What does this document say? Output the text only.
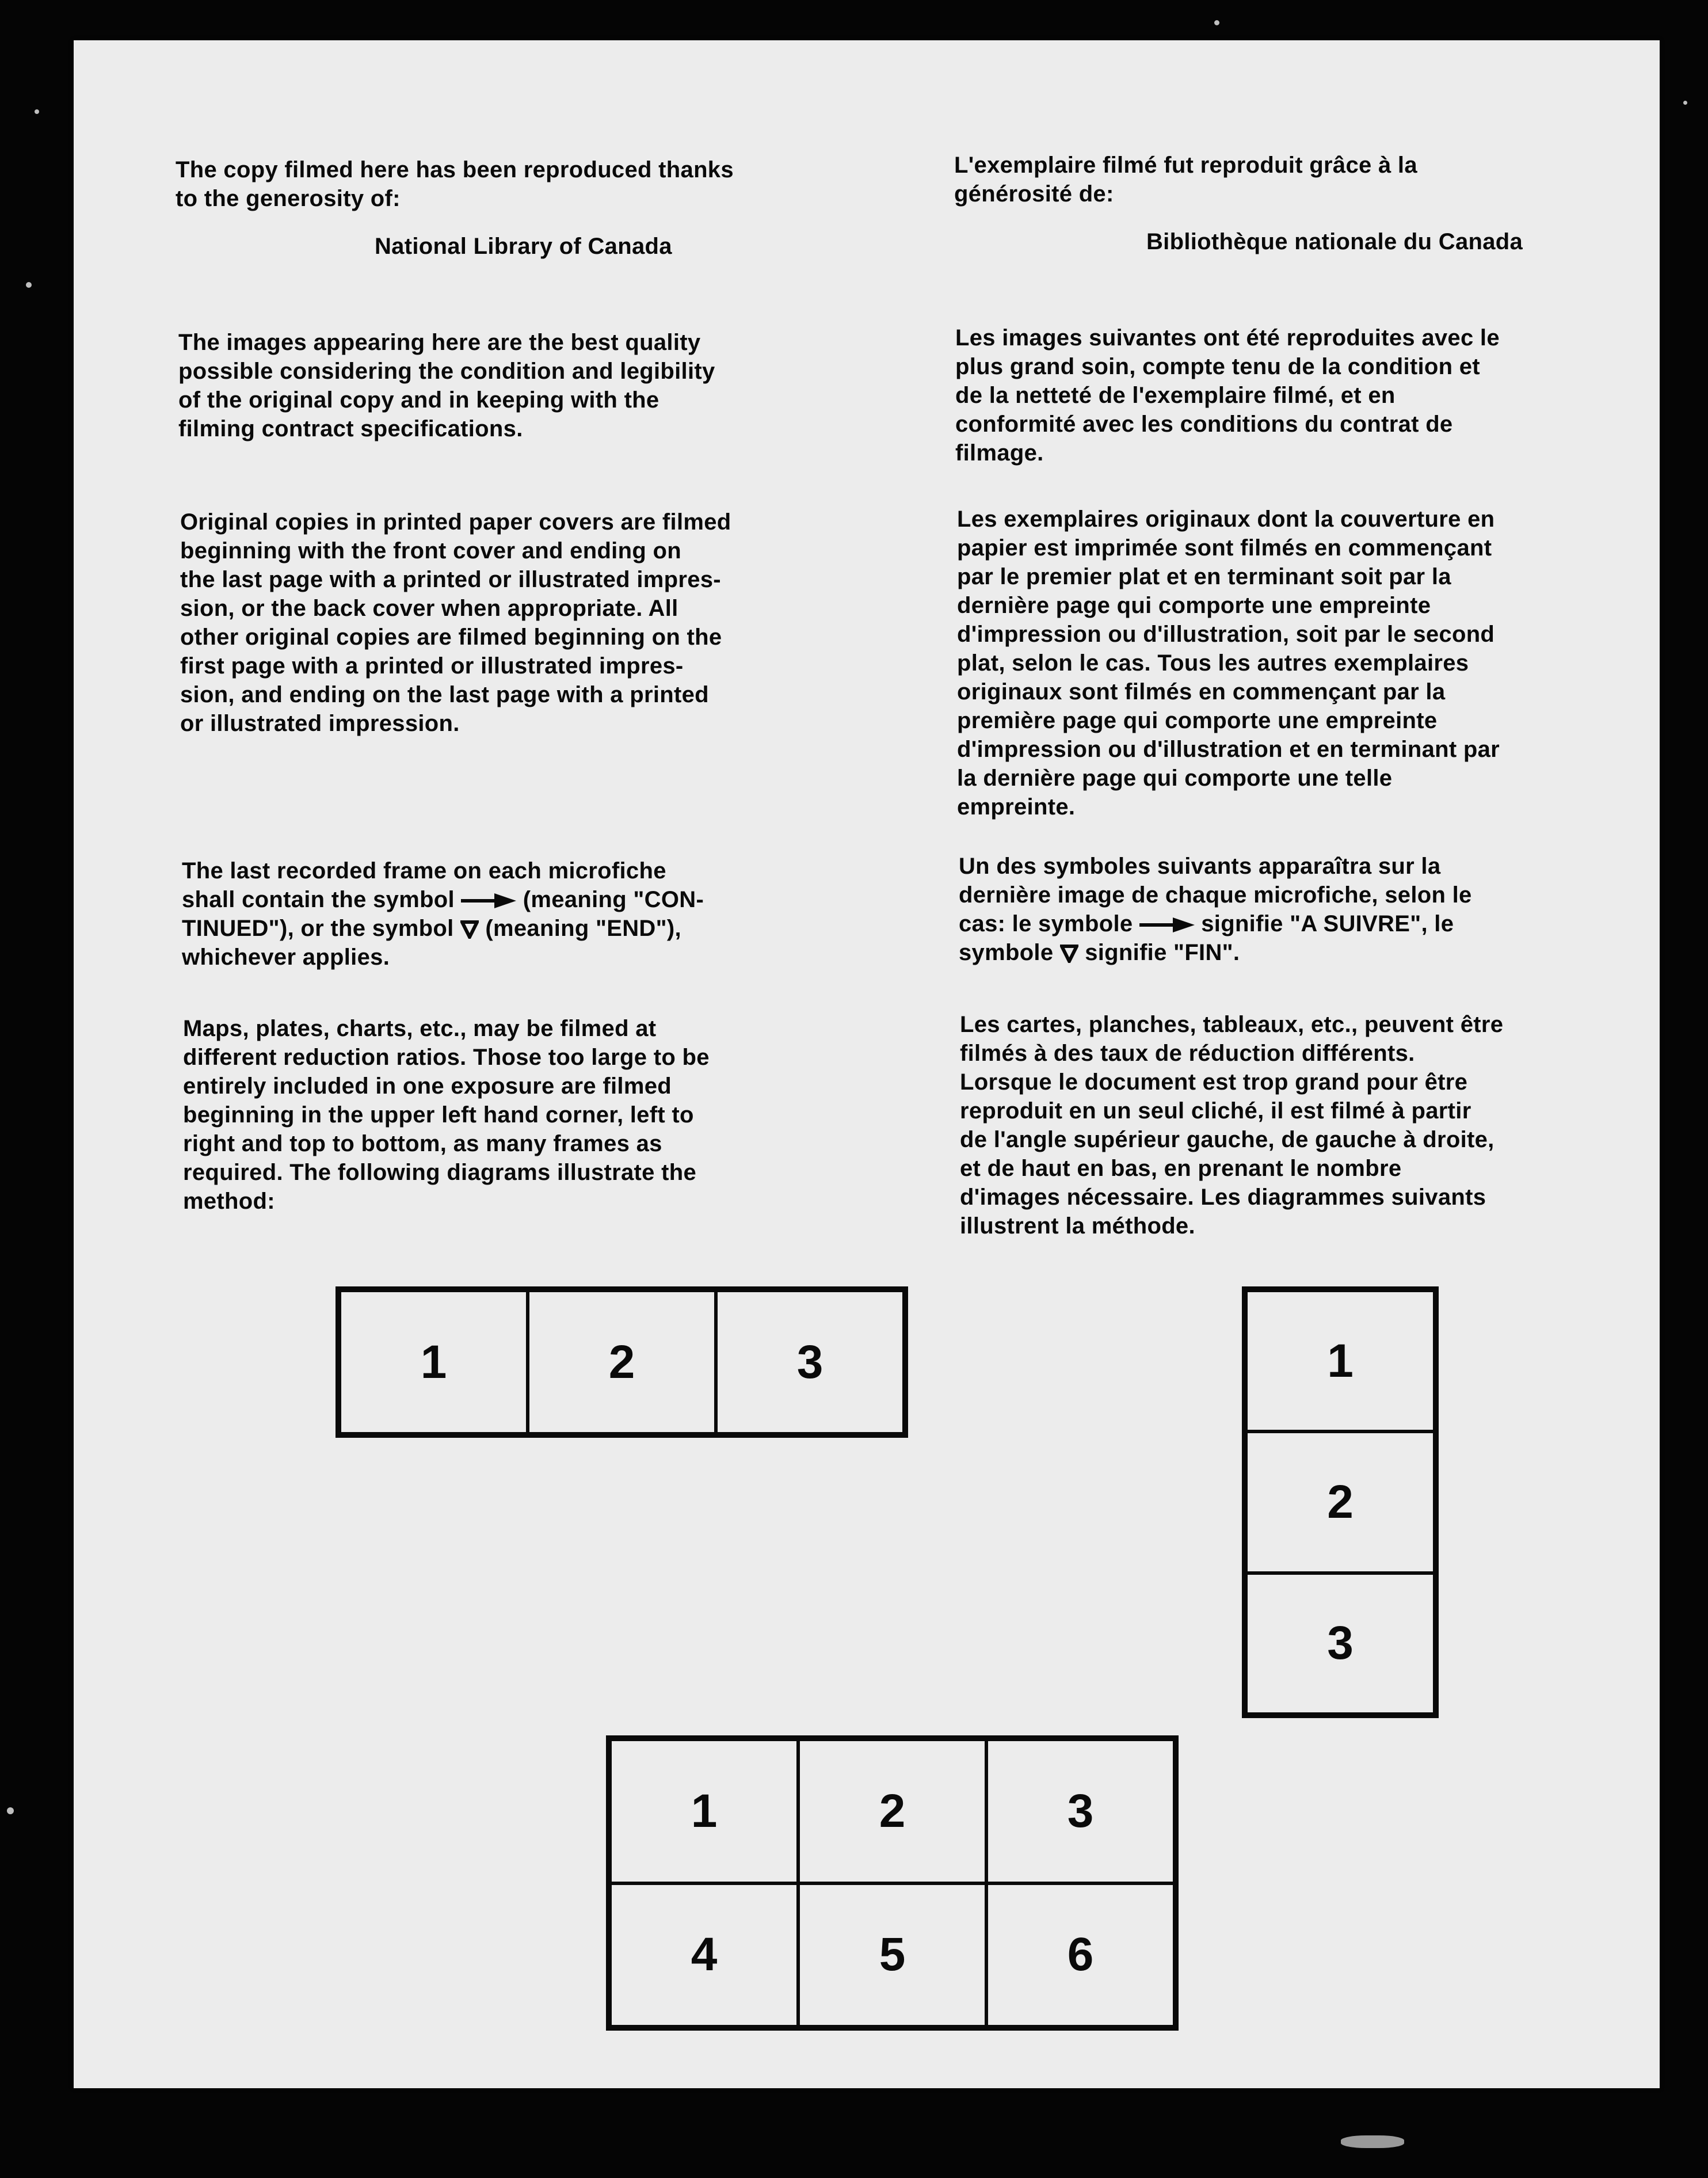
The copy filmed here has been reproduced thanks
to the generosity of:
National Library of Canada
The images appearing here are the best quality
possible considering the condition and legibility
of the original copy and in keeping with the
filming contract specifications.
Original copies in printed paper covers are filmed
beginning with the front cover and ending on
the last page with a printed or illustrated impres-
sion, or the back cover when appropriate. All
other original copies are filmed beginning on the
first page with a printed or illustrated impres-
sion, and ending on the last page with a printed
or illustrated impression.
The last recorded frame on each microfiche
shall contain the symbol  (meaning "CON-
TINUED"), or the symbol  (meaning "END"),
whichever applies.
Maps, plates, charts, etc., may be filmed at
different reduction ratios. Those too large to be
entirely included in one exposure are filmed
beginning in the upper left hand corner, left to
right and top to bottom, as many frames as
required. The following diagrams illustrate the
method:
L'exemplaire filmé fut reproduit grâce à la
générosité de:
Bibliothèque nationale du Canada
Les images suivantes ont été reproduites avec le
plus grand soin, compte tenu de la condition et
de la netteté de l'exemplaire filmé, et en
conformité avec les conditions du contrat de
filmage.
Les exemplaires originaux dont la couverture en
papier est imprimée sont filmés en commençant
par le premier plat et en terminant soit par la
dernière page qui comporte une empreinte
d'impression ou d'illustration, soit par le second
plat, selon le cas. Tous les autres exemplaires
originaux sont filmés en commençant par la
première page qui comporte une empreinte
d'impression ou d'illustration et en terminant par
la dernière page qui comporte une telle
empreinte.
Un des symboles suivants apparaîtra sur la
dernière image de chaque microfiche, selon le
cas: le symbole  signifie "A SUIVRE", le
symbole  signifie "FIN".
Les cartes, planches, tableaux, etc., peuvent être
filmés à des taux de réduction différents.
Lorsque le document est trop grand pour être
reproduit en un seul cliché, il est filmé à partir
de l'angle supérieur gauche, de gauche à droite,
et de haut en bas, en prenant le nombre
d'images nécessaire. Les diagrammes suivants
illustrent la méthode.
1	2	3	1
2
3
1	2	3
4	5	6
